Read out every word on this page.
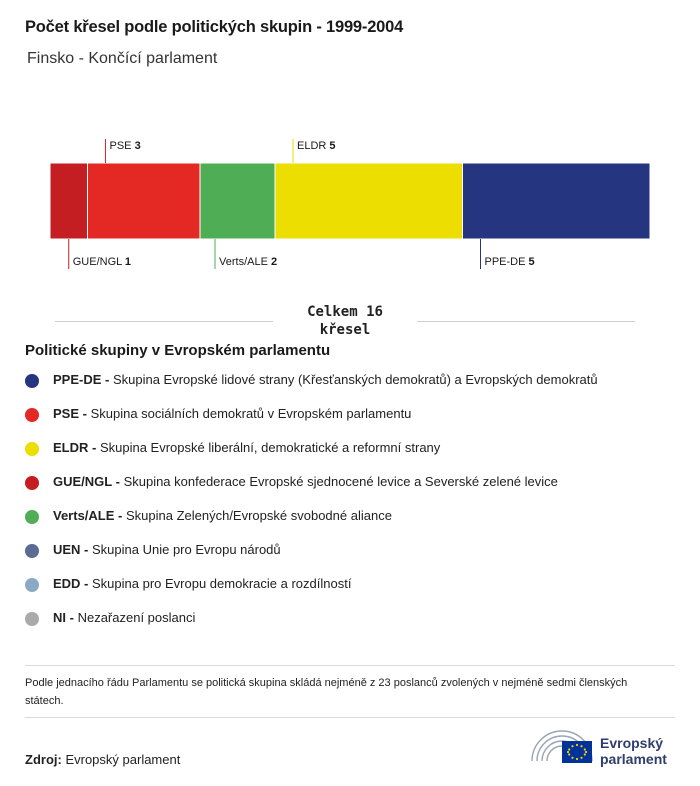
Počet křesel podle politických skupin - 1999-2004
Finsko - Končící parlament
GUE/NGL 1
PSE 3
Verts/ALE 2
ELDR 5
PPE-DE 5
Celkem 16
křesel
Politické skupiny v Evropském parlamentu
PPE-DE - Skupina Evropské lidové strany (Křesťanských demokratů) a Evropských demokratů
PSE - Skupina sociálních demokratů v Evropském parlamentu
ELDR - Skupina Evropské liberální, demokratické a reformní strany
GUE/NGL - Skupina konfederace Evropské sjednocené levice a Severské zelené levice
Verts/ALE - Skupina Zelených/Evropské svobodné aliance
UEN - Skupina Unie pro Evropu národů
EDD - Skupina pro Evropu demokracie a rozdílností
NI - Nezařazení poslanci
Podle jednacího řádu Parlamentu se politická skupina skládá nejméně z 23 poslanců zvolených v nejméně sedmi členských státech.
Zdroj: Evropský parlament
Evropský
parlament
